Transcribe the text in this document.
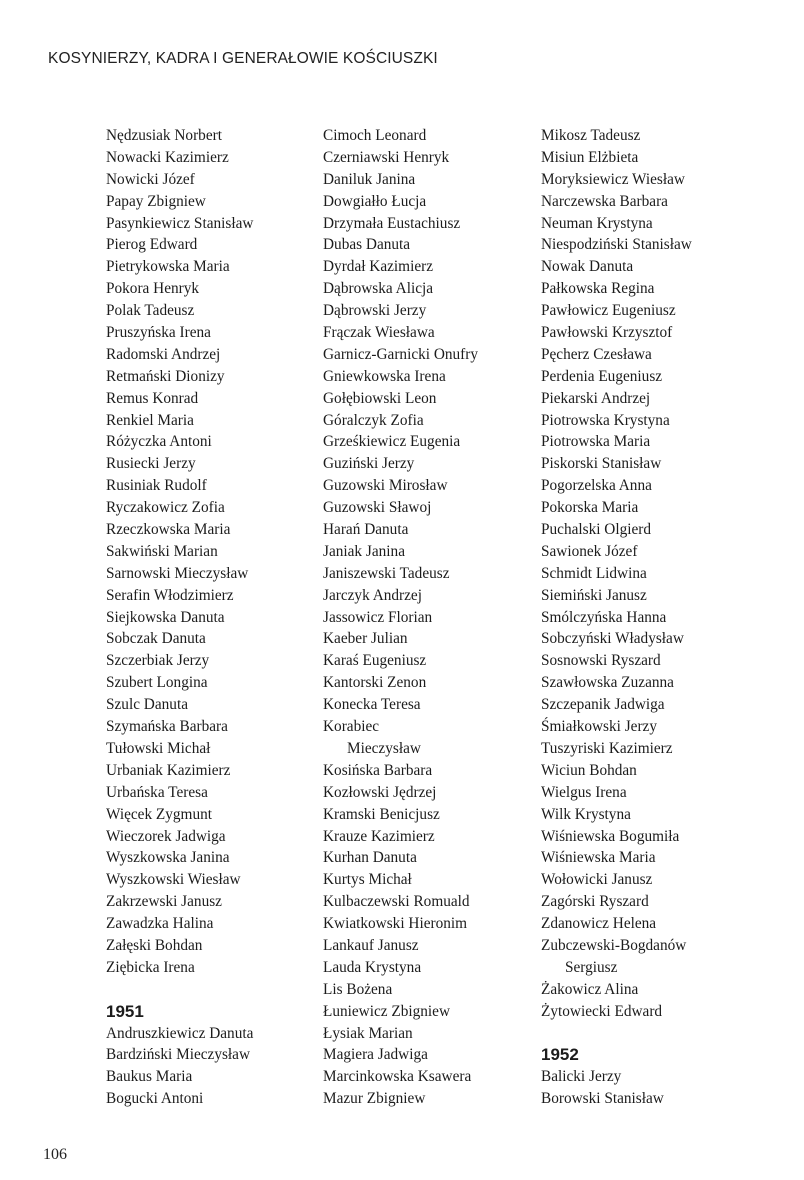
KOSYNIERZY, KADRA I GENERAŁOWIE KOŚCIUSZKI
Nędzusiak Norbert
Nowacki Kazimierz
Nowicki Józef
Papay Zbigniew
Pasynkiewicz Stanisław
Pierog Edward
Pietrykowska Maria
Pokora Henryk
Polak Tadeusz
Pruszyńska Irena
Radomski Andrzej
Retmański Dionizy
Remus Konrad
Renkiel Maria
Różyczka Antoni
Rusiecki Jerzy
Rusiniak Rudolf
Ryczakowicz Zofia
Rzeczkowska Maria
Sakwiński Marian
Sarnowski Mieczysław
Serafin Włodzimierz
Siejkowska Danuta
Sobczak Danuta
Szczerbiak Jerzy
Szubert Longina
Szulc Danuta
Szymańska Barbara
Tułowski Michał
Urbaniak Kazimierz
Urbańska Teresa
Więcek Zygmunt
Wieczorek Jadwiga
Wyszkowska Janina
Wyszkowski Wiesław
Zakrzewski Janusz
Zawadzka Halina
Załęski Bohdan
Ziębicka Irena
1951
Andruszkiewicz Danuta
Bardziński Mieczysław
Baukus Maria
Bogucki Antoni
Cimoch Leonard
Czerniawski Henryk
Daniluk Janina
Dowgiałło Łucja
Drzymała Eustachiusz
Dubas Danuta
Dyrdał Kazimierz
Dąbrowska Alicja
Dąbrowski Jerzy
Frączak Wiesława
Garnicz-Garnicki Onufry
Gniewkowska Irena
Gołębiowski Leon
Góralczyk Zofia
Grześkiewicz Eugenia
Guziński Jerzy
Guzowski Mirosław
Guzowski Sławoj
Harań Danuta
Janiak Janina
Janiszewski Tadeusz
Jarczyk Andrzej
Jassowicz Florian
Kaeber Julian
Karaś Eugeniusz
Kantorski Zenon
Konecka Teresa
Korabiec
Mieczysław
Kosińska Barbara
Kozłowski Jędrzej
Kramski Benicjusz
Krauze Kazimierz
Kurhan Danuta
Kurtys Michał
Kulbaczewski Romuald
Kwiatkowski Hieronim
Lankauf Janusz
Lauda Krystyna
Lis Bożena
Łuniewicz Zbigniew
Łysiak Marian
Magiera Jadwiga
Marcinkowska Ksawera
Mazur Zbigniew
Mikosz Tadeusz
Misiun Elżbieta
Moryksiewicz Wiesław
Narczewska Barbara
Neuman Krystyna
Niespodziński Stanisław
Nowak Danuta
Pałkowska Regina
Pawłowicz Eugeniusz
Pawłowski Krzysztof
Pęcherz Czesława
Perdenia Eugeniusz
Piekarski Andrzej
Piotrowska Krystyna
Piotrowska Maria
Piskorski Stanisław
Pogorzelska Anna
Pokorska Maria
Puchalski Olgierd
Sawionek Józef
Schmidt Lidwina
Siemiński Janusz
Smólczyńska Hanna
Sobczyński Władysław
Sosnowski Ryszard
Szawłowska Zuzanna
Szczepanik Jadwiga
Śmiałkowski Jerzy
Tuszyriski Kazimierz
Wiciun Bohdan
Wielgus Irena
Wilk Krystyna
Wiśniewska Bogumiła
Wiśniewska Maria
Wołowicki Janusz
Zagórski Ryszard
Zdanowicz Helena
Zubczewski-Bogdanów
Sergiusz
Żakowicz Alina
Żytowiecki Edward
1952
Balicki Jerzy
Borowski Stanisław
106
